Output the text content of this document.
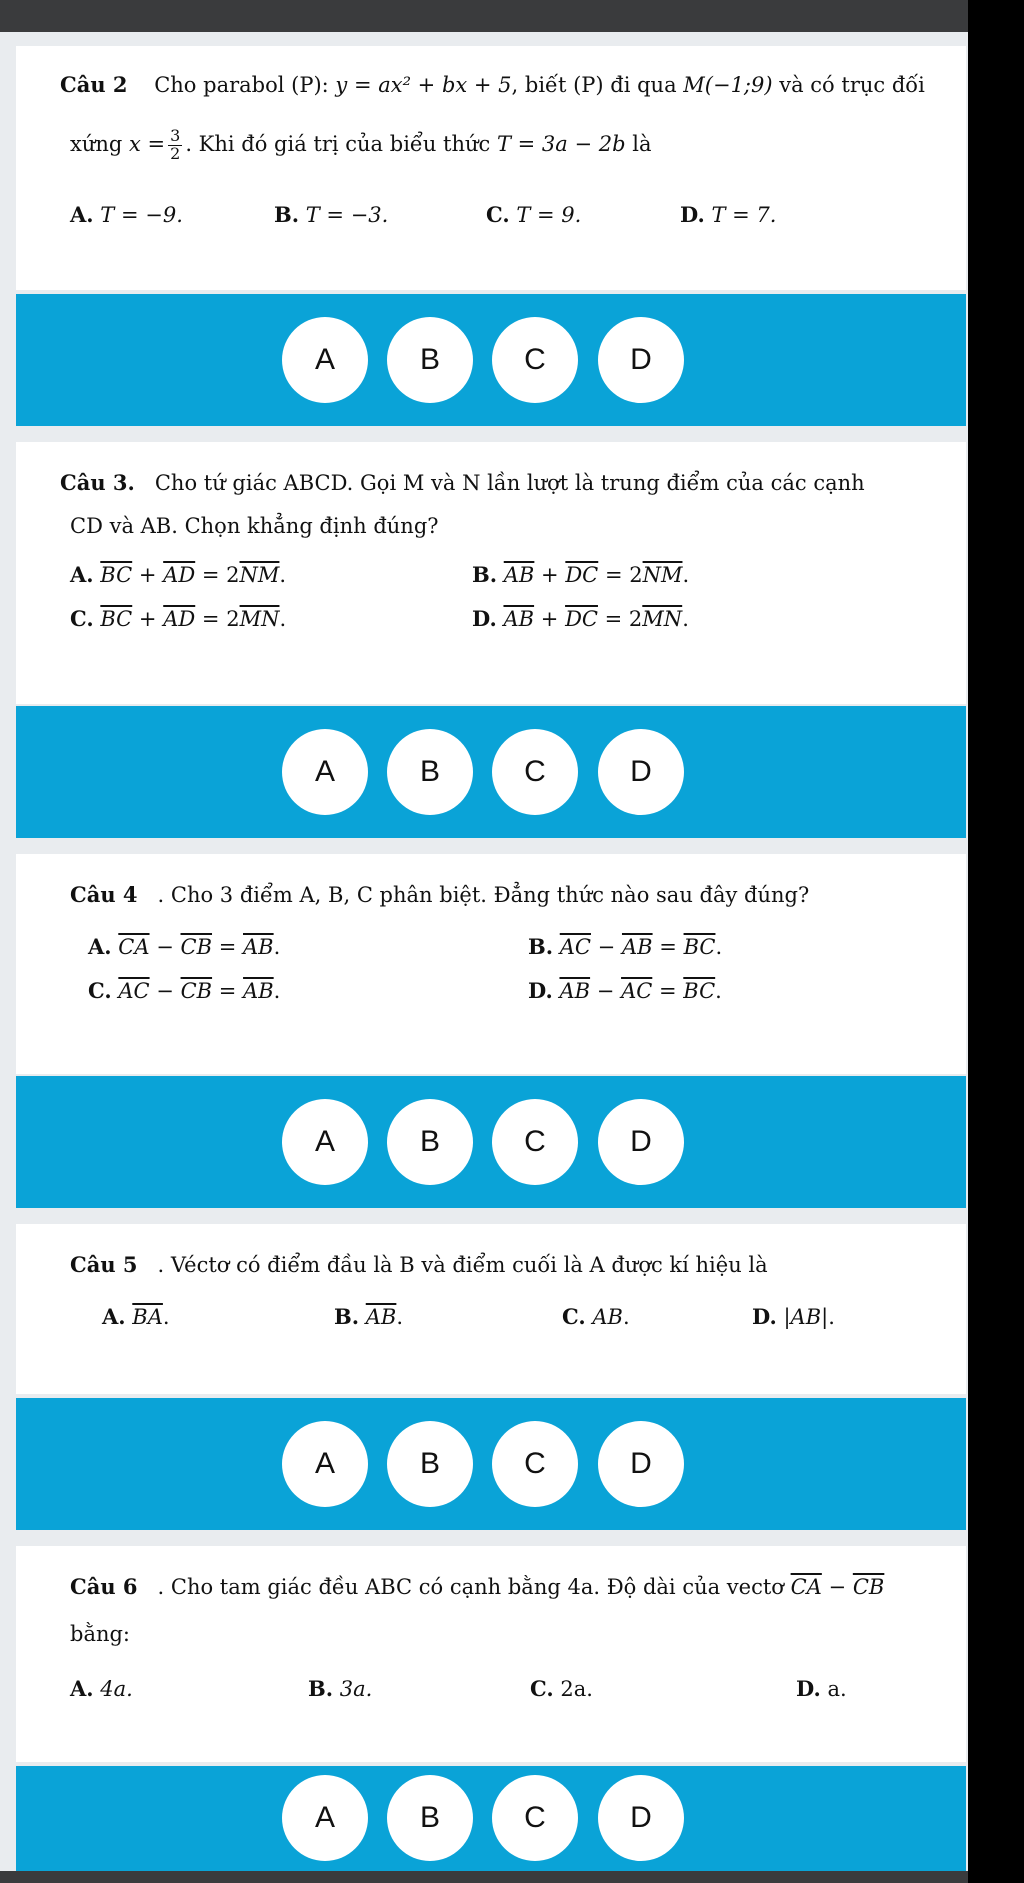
Câu 2 Cho parabol (P): y = ax² + bx + 5, biết (P) đi qua M(−1;9) và có trục đối
xứng $x = \frac{3}{2}$ . Khi đó giá trị của biểu thức T = 3a − 2b là
A. T = −9.	B. T = −3.	C. T = 9.	D. T = 7.
A	B	C	D
Câu 3. Cho tứ giác ABCD. Gọi M và N lần lượt là trung điểm của các cạnh
CD và AB. Chọn khẳng định đúng?
A. $\overline{BC} + \overline{AD} = 2\overline{NM}$.	B. $\overline{AB} + \overline{DC} = 2\overline{NM}$.
C. $\overline{BC} + \overline{AD} = 2\overline{MN}$.	D. $\overline{AB} + \overline{DC} = 2\overline{MN}$.
A	B	C	D
Câu 4   . Cho 3 điểm A, B, C phân biệt. Đẳng thức nào sau đây đúng?
A. $\overline{CA} - \overline{CB} = \overline{AB}$.	B. $\overline{AC} - \overline{AB} = \overline{BC}$.
C. $\overline{AC} - \overline{CB} = \overline{AB}$.	D. $\overline{AB} - \overline{AC} = \overline{BC}$.
A	B	C	D
Câu 5   . Véctơ có điểm đầu là B và điểm cuối là A được kí hiệu là
A. $\overline{BA}$.	B. $\overline{AB}$.	C. AB.	D. |AB|.
A	B	C	D
Câu 6   . Cho tam giác đều ABC có cạnh bằng 4a. Độ dài của vectơ $\overline{CA} - \overline{CB}$
bằng:
A. 4a.	B. 3a.	C. 2a.	D. a.
A	B	C	D
